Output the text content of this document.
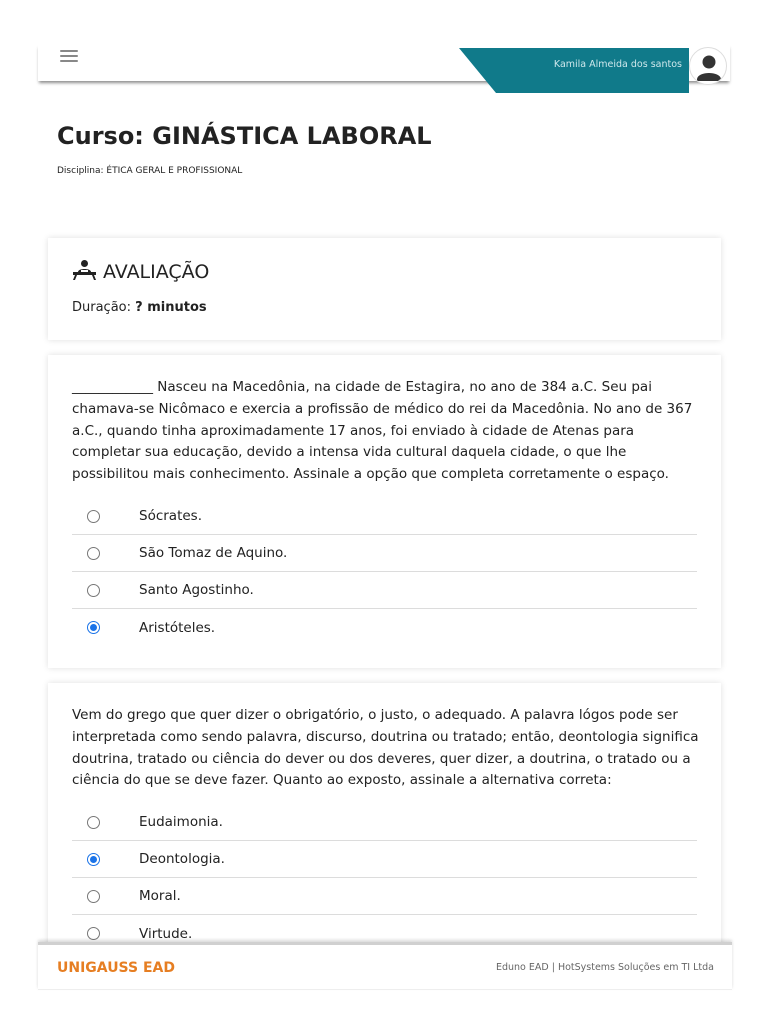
Kamila Almeida dos santos
Curso: GINÁSTICA LABORAL
Disciplina: ÉTICA GERAL E PROFISSIONAL
AVALIAÇÃO
Duração: ? minutos

____________ Nasceu na Macedônia, na cidade de Estagira, no ano de 384 a.C. Seu pai chamava-se Nicômaco e exercia a profissão de médico do rei da Macedônia. No ano de 367 a.C., quando tinha aproximadamente 17 anos, foi enviado à cidade de Atenas para completar sua educação, devido a intensa vida cultural daquela cidade, o que lhe possibilitou mais conhecimento. Assinale a opção que completa corretamente o espaço.

Sócrates.
São Tomaz de Aquino.
Santo Agostinho.
Aristóteles.

Vem do grego que quer dizer o obrigatório, o justo, o adequado. A palavra lógos pode ser interpretada como sendo palavra, discurso, doutrina ou tratado; então, deontologia significa doutrina, tratado ou ciência do dever ou dos deveres, quer dizer, a doutrina, o tratado ou a ciência do que se deve fazer. Quanto ao exposto, assinale a alternativa correta:

Eudaimonia.
Deontologia.
Moral.
Virtude.
UNIGAUSS EAD	Eduno EAD | HotSystems Soluções em TI Ltda
